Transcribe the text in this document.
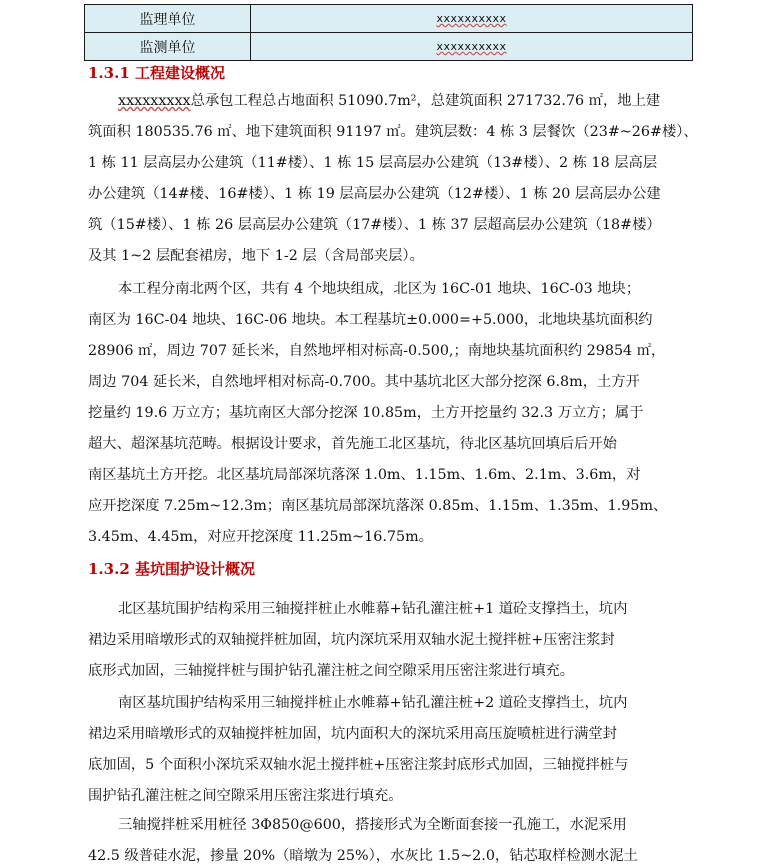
监理单位	xxxxxxxxxx
监测单位	xxxxxxxxxx

1.3.1 工程建设概况

xxxxxxxxx总承包工程总占地面积 51090.7m²，总建筑面积 271732.76 ㎡，地上建

筑面积 180535.76 ㎡、地下建筑面积 91197 ㎡。建筑层数：4 栋 3 层餐饮（23#~26#楼）、

1 栋 11 层高层办公建筑（11#楼）、1 栋 15 层高层办公建筑（13#楼）、2 栋 18 层高层

办公建筑（14#楼、16#楼）、1 栋 19 层高层办公建筑（12#楼）、1 栋 20 层高层办公建

筑（15#楼）、1 栋 26 层高层办公建筑（17#楼）、1 栋 37 层超高层办公建筑（18#楼）

及其 1~2 层配套裙房，地下 1-2 层（含局部夹层）。

本工程分南北两个区，共有 4 个地块组成，北区为 16C-01 地块、16C-03 地块；

南区为 16C-04 地块、16C-06 地块。本工程基坑±0.000=+5.000，北地块基坑面积约

28906 ㎡，周边 707 延长米，自然地坪相对标高-0.500,；南地块基坑面积约 29854 ㎡，

周边 704 延长米，自然地坪相对标高-0.700。其中基坑北区大部分挖深 6.8m，土方开

挖量约 19.6 万立方；基坑南区大部分挖深 10.85m，土方开挖量约 32.3 万立方；属于

超大、超深基坑范畴。根据设计要求，首先施工北区基坑，待北区基坑回填后后开始

南区基坑土方开挖。北区基坑局部深坑落深 1.0m、1.15m、1.6m、2.1m、3.6m，对

应开挖深度 7.25m~12.3m；南区基坑局部深坑落深 0.85m、1.15m、1.35m、1.95m、

3.45m、4.45m，对应开挖深度 11.25m~16.75m。

1.3.2 基坑围护设计概况

北区基坑围护结构采用三轴搅拌桩止水帷幕+钻孔灌注桩+1 道砼支撑挡土，坑内

裙边采用暗墩形式的双轴搅拌桩加固，坑内深坑采用双轴水泥土搅拌桩+压密注浆封

底形式加固，三轴搅拌桩与围护钻孔灌注桩之间空隙采用压密注浆进行填充。

南区基坑围护结构采用三轴搅拌桩止水帷幕+钻孔灌注桩+2 道砼支撑挡土，坑内

裙边采用暗墩形式的双轴搅拌桩加固，坑内面积大的深坑采用高压旋喷桩进行满堂封

底加固，5 个面积小深坑采双轴水泥土搅拌桩+压密注浆封底形式加固，三轴搅拌桩与

围护钻孔灌注桩之间空隙采用压密注浆进行填充。

三轴搅拌桩采用桩径 3Φ850@600，搭接形式为全断面套接一孔施工，水泥采用

42.5 级普硅水泥，掺量 20%（暗墩为 25%），水灰比 1.5~2.0，钻芯取样检测水泥土
